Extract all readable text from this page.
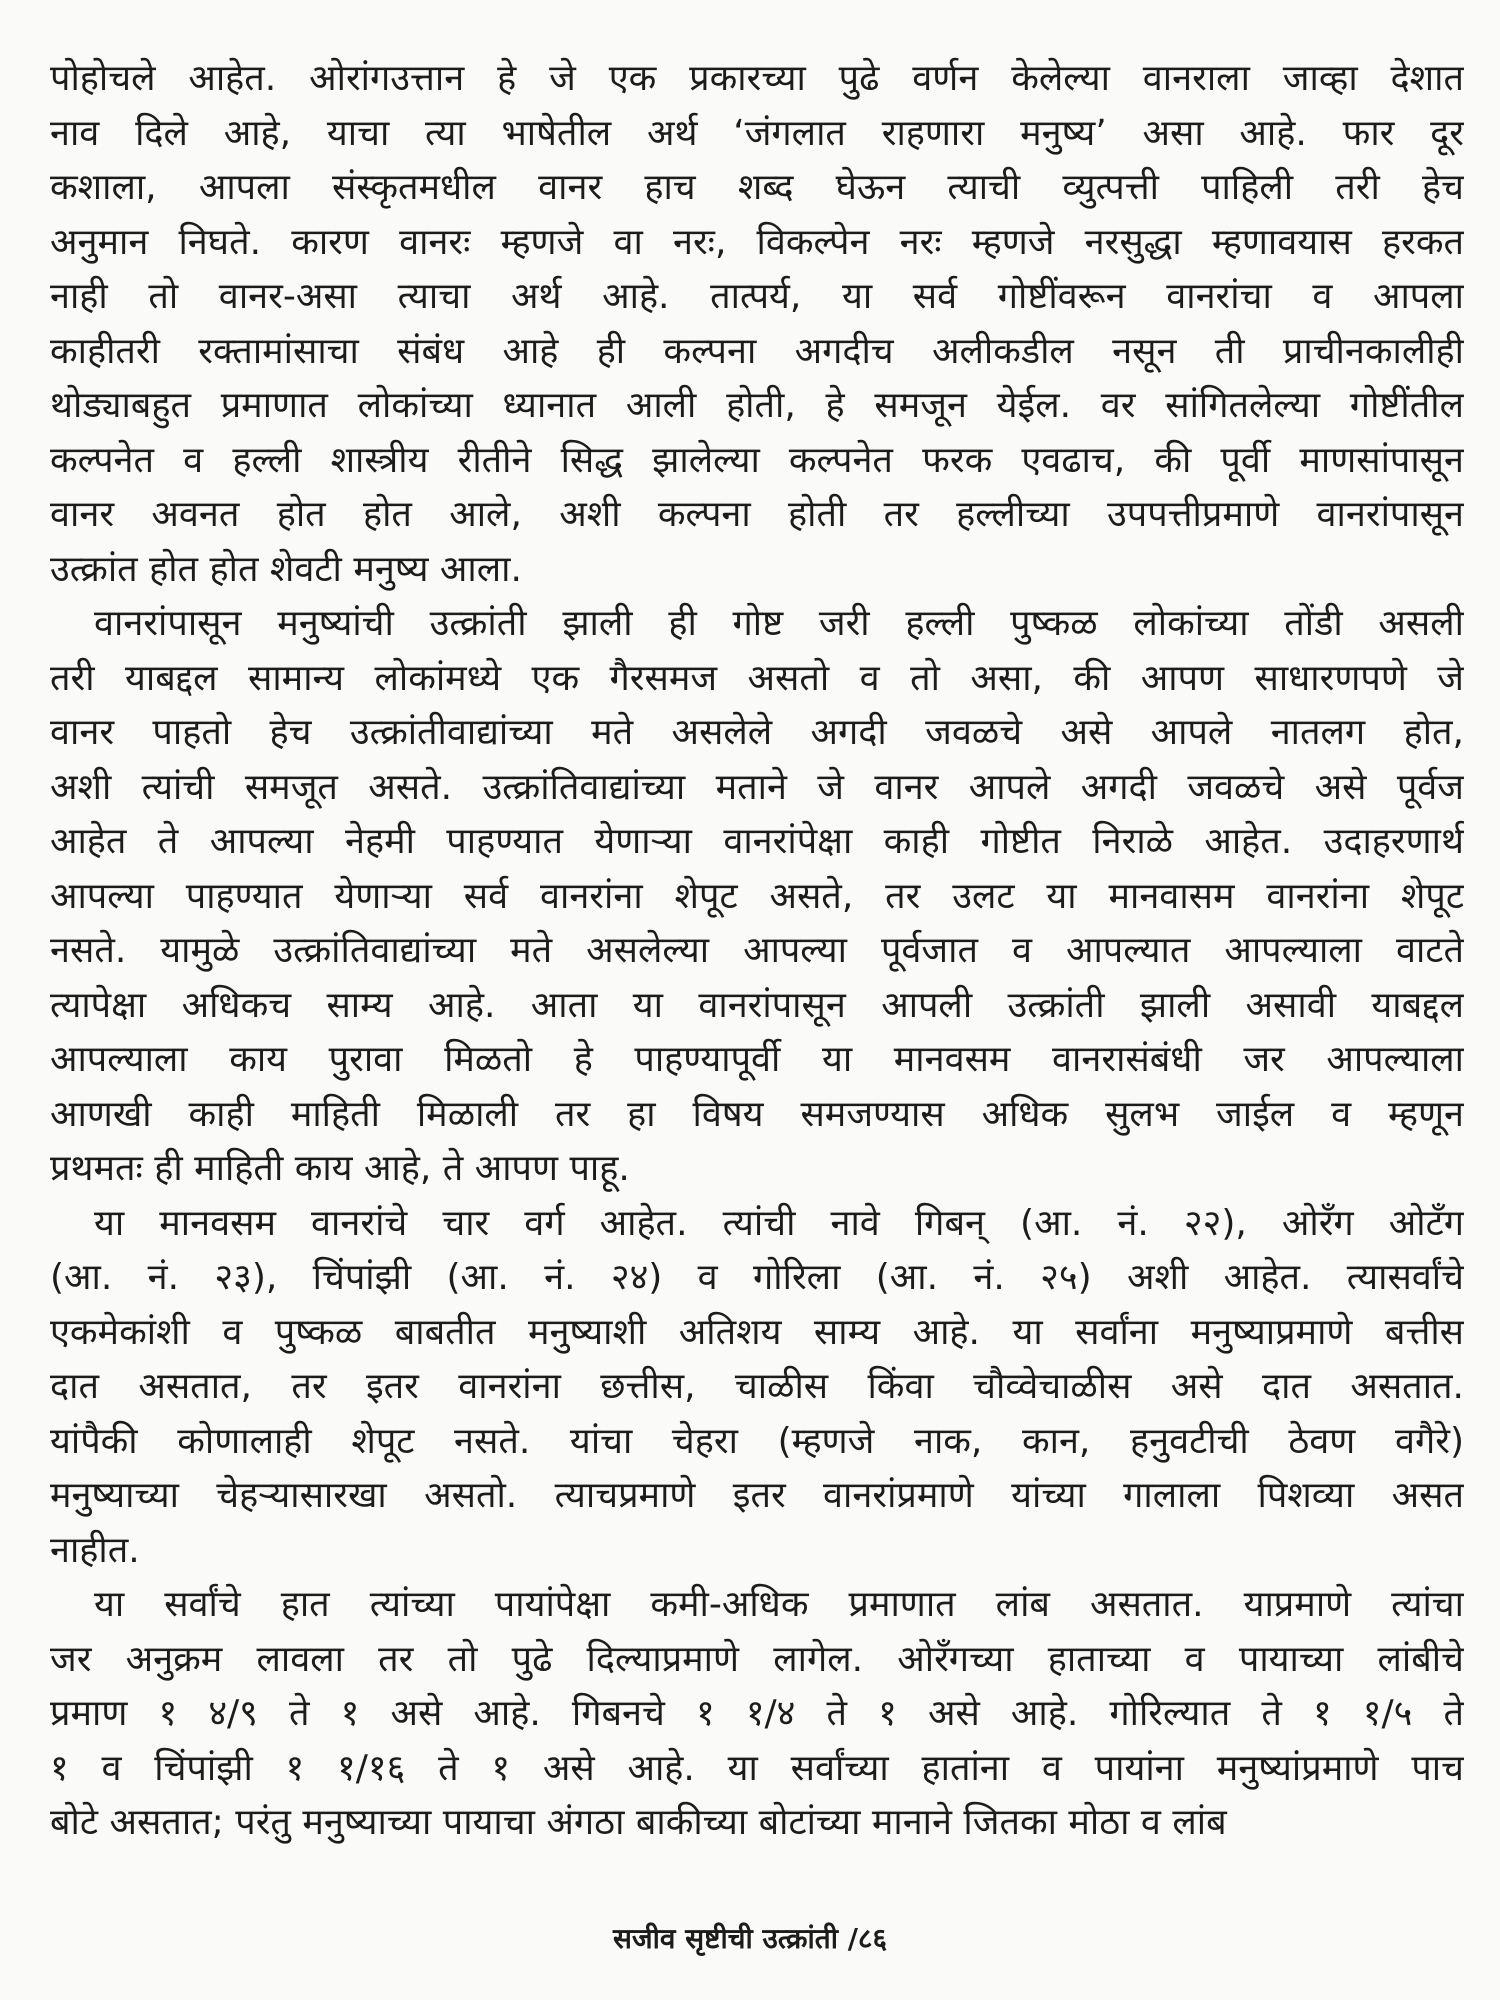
पोहोचले आहेत. ओरांगउत्तान हे जे एक प्रकारच्या पुढे वर्णन केलेल्या वानराला जाव्हा देशात
नाव दिले आहे, याचा त्या भाषेतील अर्थ ‘जंगलात राहणारा मनुष्य’ असा आहे. फार दूर
कशाला, आपला संस्कृतमधील वानर हाच शब्द घेऊन त्याची व्युत्पत्ती पाहिली तरी हेच
अनुमान निघते. कारण वानरः म्हणजे वा नरः, विकल्पेन नरः म्हणजे नरसुद्धा म्हणावयास हरकत
नाही तो वानर-असा त्याचा अर्थ आहे. तात्पर्य, या सर्व गोष्टींवरून वानरांचा व आपला
काहीतरी रक्तामांसाचा संबंध आहे ही कल्पना अगदीच अलीकडील नसून ती प्राचीनकालीही
थोड्याबहुत प्रमाणात लोकांच्या ध्यानात आली होती, हे समजून येईल. वर सांगितलेल्या गोष्टींतील
कल्पनेत व हल्ली शास्त्रीय रीतीने सिद्ध झालेल्या कल्पनेत फरक एवढाच, की पूर्वी माणसांपासून
वानर अवनत होत होत आले, अशी कल्पना होती तर हल्लीच्या उपपत्तीप्रमाणे वानरांपासून
उत्क्रांत होत होत शेवटी मनुष्य आला.
वानरांपासून मनुष्यांची उत्क्रांती झाली ही गोष्ट जरी हल्ली पुष्कळ लोकांच्या तोंडी असली
तरी याबद्दल सामान्य लोकांमध्ये एक गैरसमज असतो व तो असा, की आपण साधारणपणे जे
वानर पाहतो हेच उत्क्रांतीवाद्यांच्या मते असलेले अगदी जवळचे असे आपले नातलग होत,
अशी त्यांची समजूत असते. उत्क्रांतिवाद्यांच्या मताने जे वानर आपले अगदी जवळचे असे पूर्वज
आहेत ते आपल्या नेहमी पाहण्यात येणाऱ्या वानरांपेक्षा काही गोष्टीत निराळे आहेत. उदाहरणार्थ
आपल्या पाहण्यात येणाऱ्या सर्व वानरांना शेपूट असते, तर उलट या मानवासम वानरांना शेपूट
नसते. यामुळे उत्क्रांतिवाद्यांच्या मते असलेल्या आपल्या पूर्वजात व आपल्यात आपल्याला वाटते
त्यापेक्षा अधिकच साम्य आहे. आता या वानरांपासून आपली उत्क्रांती झाली असावी याबद्दल
आपल्याला काय पुरावा मिळतो हे पाहण्यापूर्वी या मानवसम वानरासंबंधी जर आपल्याला
आणखी काही माहिती मिळाली तर हा विषय समजण्यास अधिक सुलभ जाईल व म्हणून
प्रथमतः ही माहिती काय आहे, ते आपण पाहू.
या मानवसम वानरांचे चार वर्ग आहेत. त्यांची नावे गिबन् (आ. नं. २२), ओरॅंग ओटॅंग
(आ. नं. २३), चिंपांझी (आ. नं. २४) व गोरिला (आ. नं. २५) अशी आहेत. त्यासर्वांचे
एकमेकांशी व पुष्कळ बाबतीत मनुष्याशी अतिशय साम्य आहे. या सर्वांना मनुष्याप्रमाणे बत्तीस
दात असतात, तर इतर वानरांना छत्तीस, चाळीस किंवा चौव्वेचाळीस असे दात असतात.
यांपैकी कोणालाही शेपूट नसते. यांचा चेहरा (म्हणजे नाक, कान, हनुवटीची ठेवण वगैरे)
मनुष्याच्या चेहऱ्यासारखा असतो. त्याचप्रमाणे इतर वानरांप्रमाणे यांच्या गालाला पिशव्या असत
नाहीत.
या सर्वांचे हात त्यांच्या पायांपेक्षा कमी-अधिक प्रमाणात लांब असतात. याप्रमाणे त्यांचा
जर अनुक्रम लावला तर तो पुढे दिल्याप्रमाणे लागेल. ओरॅंगच्या हाताच्या व पायाच्या लांबीचे
प्रमाण १ ४/९ ते १ असे आहे. गिबनचे १ १/४ ते १ असे आहे. गोरिल्यात ते १ १/५ ते
१ व चिंपांझी १ १/१६ ते १ असे आहे. या सर्वांच्या हातांना व पायांना मनुष्यांप्रमाणे पाच
बोटे असतात; परंतु मनुष्याच्या पायाचा अंगठा बाकीच्या बोटांच्या मानाने जितका मोठा व लांब
सजीव सृष्टीची उत्क्रांती /८६
